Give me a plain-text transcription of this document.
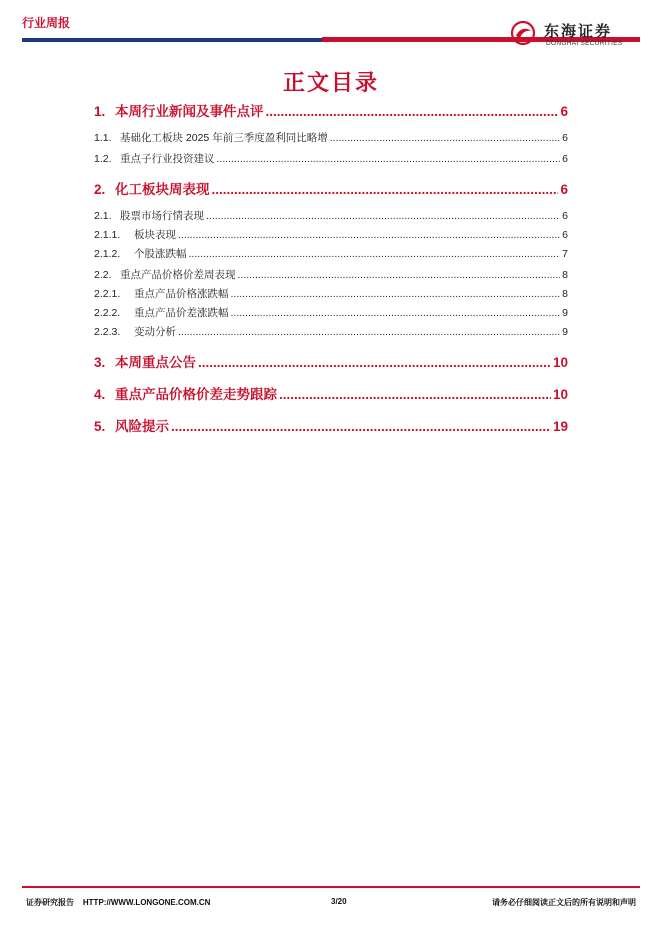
行业周报	东海证券
DONGHAI SECURITIES
正文目录
1. 本周行业新闻及事件点评 .....	6
1.1. 基础化工板块 2025 年前三季度盈利同比略增 .....	6
1.2. 重点子行业投资建议 .....	6
2. 化工板块周表现 .....	6
2.1. 股票市场行情表现 .....	6
2.1.1.	板块表现 .....	6
2.1.2.	个股涨跌幅 .....	7
2.2. 重点产品价格价差周表现 .....	8
2.2.1.	重点产品价格涨跌幅 .....	8
2.2.2.	重点产品价差涨跌幅 .....	9
2.2.3.	变动分析 .....	9
3. 本周重点公告 .....	10
4. 重点产品价格价差走势跟踪 .....	10
5. 风险提示 .....	19
证券研究报告    HTTP://WWW.LONGONE.COM.CN	3/20	请务必仔细阅读正文后的所有说明和声明
